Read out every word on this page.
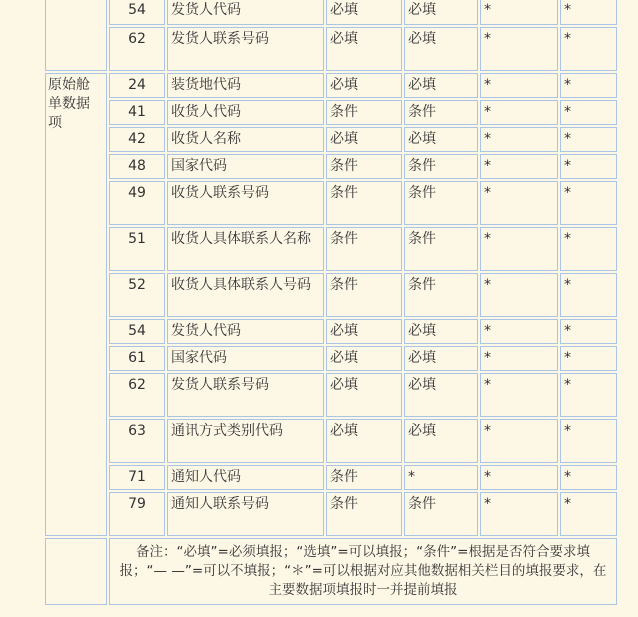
	54	发货人代码	必填	必填	*	*
	62	发货人联系号码	必填	必填	*	*
原始舱单数据项	24	装货地代码	必填	必填	*	*
	41	收货人代码	条件	条件	*	*
	42	收货人名称	必填	必填	*	*
	48	国家代码	条件	条件	*	*
	49	收货人联系号码	条件	条件	*	*
	51	收货人具体联系人名称	条件	条件	*	*
	52	收货人具体联系人号码	条件	条件	*	*
	54	发货人代码	必填	必填	*	*
	61	国家代码	必填	必填	*	*
	62	发货人联系号码	必填	必填	*	*
	63	通讯方式类别代码	必填	必填	*	*
	71	通知人代码	条件	*	*	*
	79	通知人联系号码	条件	条件	*	*
	备注：“必填”=必须填报；“选填”=可以填报；“条件”=根据是否符合要求填报；“— —”=可以不填报；“＊”=可以根据对应其他数据相关栏目的填报要求，在主要数据项填报时一并提前填报					
